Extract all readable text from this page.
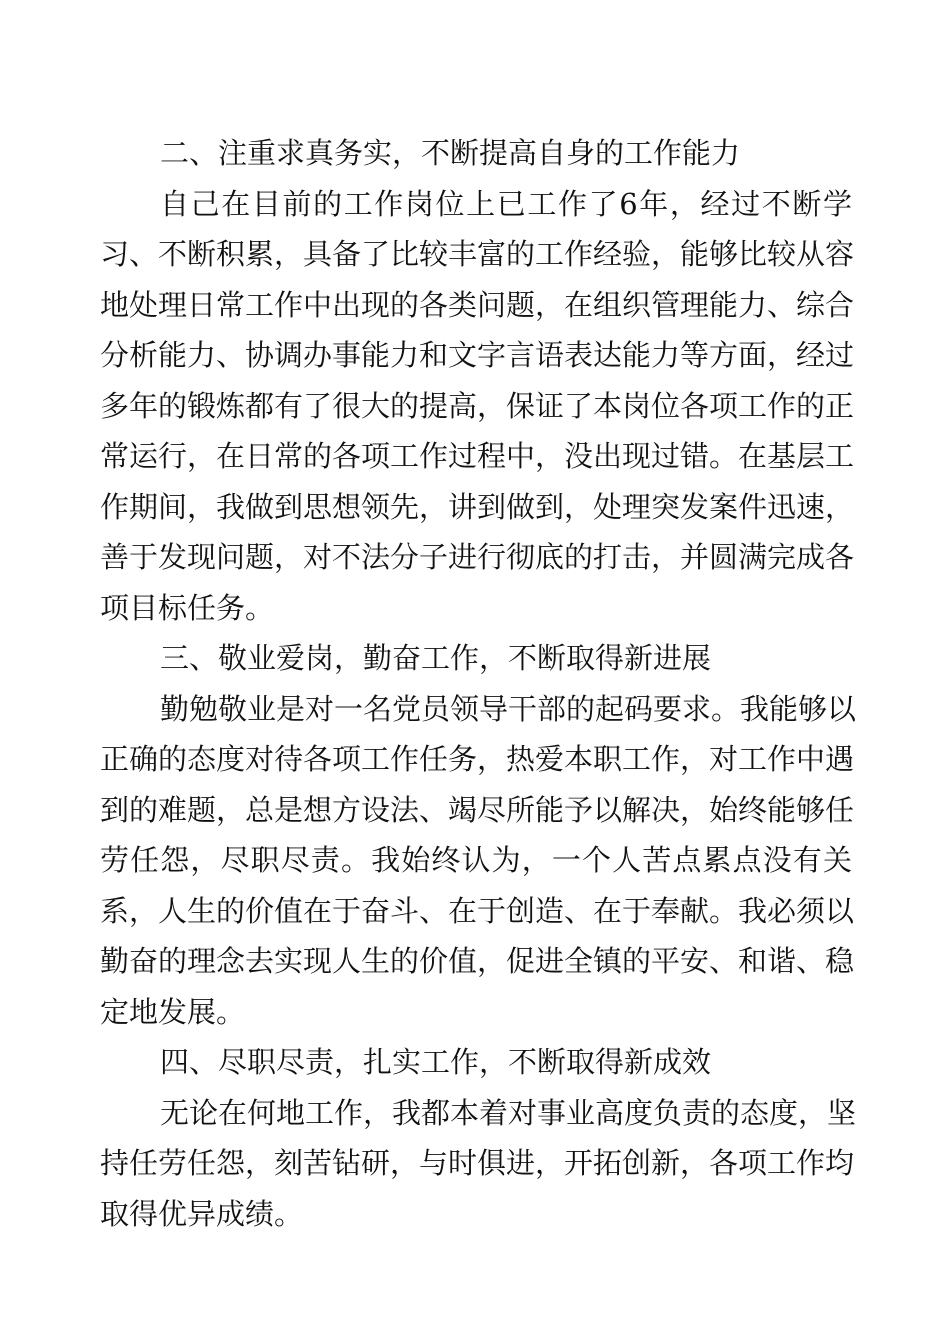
二、注重求真务实，不断提高自身的工作能力
自己在目前的工作岗位上已工作了6年，经过不断学
习、不断积累，具备了比较丰富的工作经验，能够比较从容
地处理日常工作中出现的各类问题，在组织管理能力、综合
分析能力、协调办事能力和文字言语表达能力等方面，经过
多年的锻炼都有了很大的提高，保证了本岗位各项工作的正
常运行，在日常的各项工作过程中，没出现过错。在基层工
作期间，我做到思想领先，讲到做到，处理突发案件迅速，
善于发现问题，对不法分子进行彻底的打击，并圆满完成各
项目标任务。
三、敬业爱岗，勤奋工作，不断取得新进展
勤勉敬业是对一名党员领导干部的起码要求。我能够以
正确的态度对待各项工作任务，热爱本职工作，对工作中遇
到的难题，总是想方设法、竭尽所能予以解决，始终能够任
劳任怨，尽职尽责。我始终认为，一个人苦点累点没有关
系，人生的价值在于奋斗、在于创造、在于奉献。我必须以
勤奋的理念去实现人生的价值，促进全镇的平安、和谐、稳
定地发展。
四、尽职尽责，扎实工作，不断取得新成效
无论在何地工作，我都本着对事业高度负责的态度，坚
持任劳任怨，刻苦钻研，与时俱进，开拓创新，各项工作均
取得优异成绩。
